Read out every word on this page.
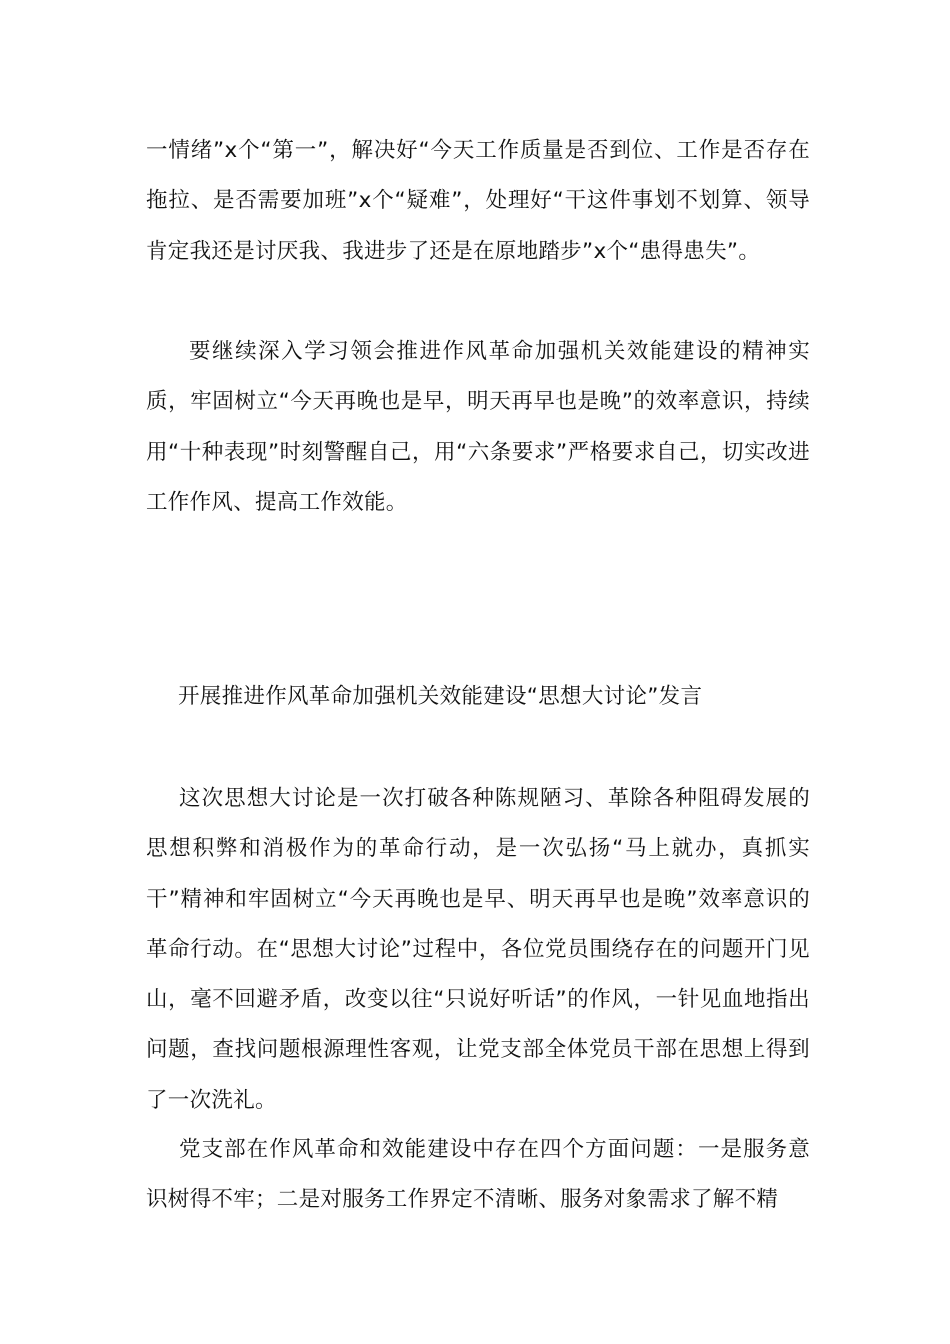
一情绪”x个“第一”，解决好“今天工作质量是否到位、工作是否存在拖拉、是否需要加班”x个“疑难”，处理好“干这件事划不划算、领导肯定我还是讨厌我、我进步了还是在原地踏步”x个“患得患失”。

要继续深入学习领会推进作风革命加强机关效能建设的精神实质，牢固树立“今天再晚也是早，明天再早也是晚”的效率意识，持续用“十种表现”时刻警醒自己，用“六条要求”严格要求自己，切实改进工作作风、提高工作效能。

开展推进作风革命加强机关效能建设“思想大讨论”发言

这次思想大讨论是一次打破各种陈规陋习、革除各种阻碍发展的思想积弊和消极作为的革命行动，是一次弘扬“马上就办，真抓实干”精神和牢固树立“今天再晚也是早、明天再早也是晚”效率意识的革命行动。在“思想大讨论”过程中，各位党员围绕存在的问题开门见山，毫不回避矛盾，改变以往“只说好听话”的作风，一针见血地指出问题，查找问题根源理性客观，让党支部全体党员干部在思想上得到了一次洗礼。

党支部在作风革命和效能建设中存在四个方面问题：一是服务意识树得不牢；二是对服务工作界定不清晰、服务对象需求了解不精
